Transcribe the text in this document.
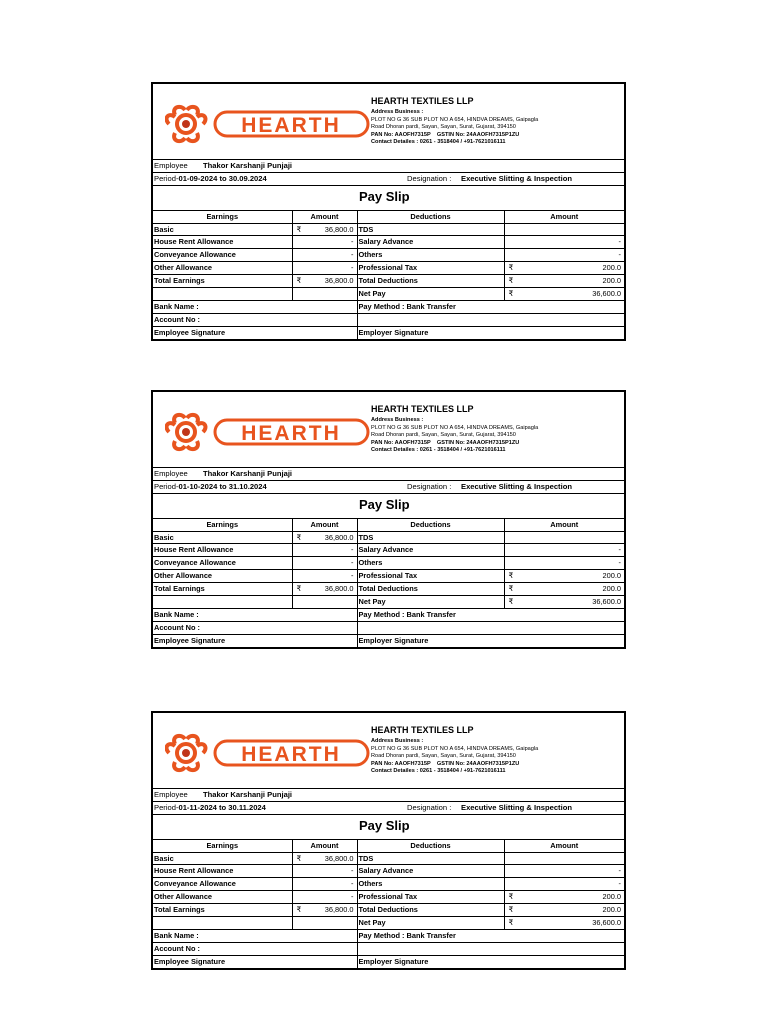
HEARTH
HEARTH TEXTILES LLP
Address Business :
PLOT NO G 36 SUB PLOT NO A 654, HINDVA DREAMS, Gaipagla
Road Dhoran pardi, Sayan, Sayan, Surat, Gujarat, 394150
PAN No: AAOFH7315P GSTIN No: 24AAOFH7315P1ZU
Contact Detailes : 0261 - 3518404 / +91-7621016111
Employee Thakor Karshanji Punjaji
Period-01-09-2024 to 30.09.2024	Designation : Executive Slitting & Inspection
Pay Slip
Earnings	Amount	Deductions	Amount
Basic	₹ 36,800.0	TDS	
House Rent Allowance	-	Salary Advance	-
Conveyance Allowance	-	Others	-
Other Allowance	-	Professional Tax	₹ 200.0
Total Earnings	₹ 36,800.0	Total Deductions	₹ 200.0
		Net Pay	₹ 36,600.0
Bank Name :		Pay Method : Bank Transfer	
Account No :			
Employee Signature		Employer Signature	
HEARTH
HEARTH TEXTILES LLP
Address Business :
PLOT NO G 36 SUB PLOT NO A 654, HINDVA DREAMS, Gaipagla
Road Dhoran pardi, Sayan, Sayan, Surat, Gujarat, 394150
PAN No: AAOFH7315P GSTIN No: 24AAOFH7315P1ZU
Contact Detailes : 0261 - 3518404 / +91-7621016111
Employee Thakor Karshanji Punjaji
Period-01-10-2024 to 31.10.2024	Designation : Executive Slitting & Inspection
Pay Slip
Earnings	Amount	Deductions	Amount
Basic	₹ 36,800.0	TDS	
House Rent Allowance	-	Salary Advance	-
Conveyance Allowance	-	Others	-
Other Allowance	-	Professional Tax	₹ 200.0
Total Earnings	₹ 36,800.0	Total Deductions	₹ 200.0
		Net Pay	₹ 36,600.0
Bank Name :		Pay Method : Bank Transfer	
Account No :			
Employee Signature		Employer Signature	
HEARTH
HEARTH TEXTILES LLP
Address Business :
PLOT NO G 36 SUB PLOT NO A 654, HINDVA DREAMS, Gaipagla
Road Dhoran pardi, Sayan, Sayan, Surat, Gujarat, 394150
PAN No: AAOFH7315P GSTIN No: 24AAOFH7315P1ZU
Contact Detailes : 0261 - 3518404 / +91-7621016111
Employee Thakor Karshanji Punjaji
Period-01-11-2024 to 30.11.2024	Designation : Executive Slitting & Inspection
Pay Slip
Earnings	Amount	Deductions	Amount
Basic	₹ 36,800.0	TDS	
House Rent Allowance	-	Salary Advance	-
Conveyance Allowance	-	Others	-
Other Allowance	-	Professional Tax	₹ 200.0
Total Earnings	₹ 36,800.0	Total Deductions	₹ 200.0
		Net Pay	₹ 36,600.0
Bank Name :		Pay Method : Bank Transfer	
Account No :			
Employee Signature		Employer Signature	
